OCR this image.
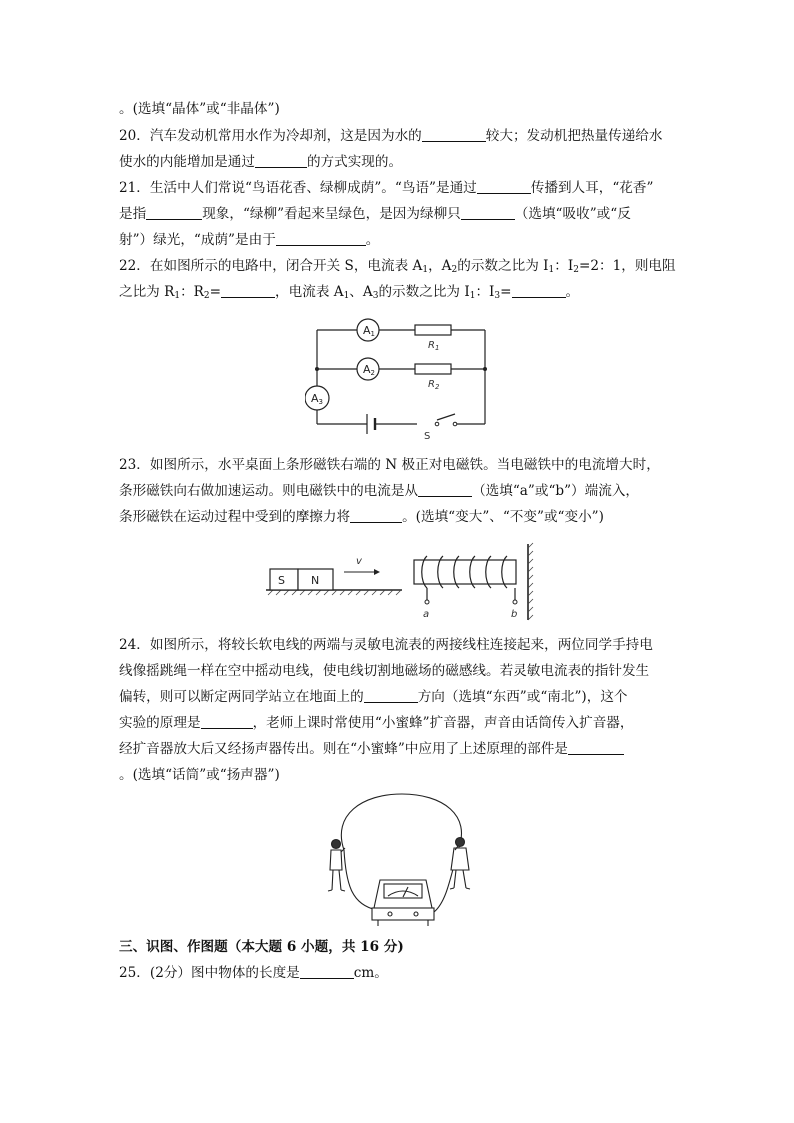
。(选填“晶体”或“非晶体”)
20．汽车发动机常用水作为冷却剂，这是因为水的	较大；发动机把热量传递给水
使水的内能增加是通过	的方式实现的。
21．生活中人们常说“鸟语花香、绿柳成荫”。“鸟语”是通过	传播到人耳，“花香”
是指	现象，“绿柳”看起来呈绿色，是因为绿柳只	（选填“吸收”或“反
射”）绿光，“成荫”是由于	。
22．在如图所示的电路中，闭合开关 S，电流表 $A_1$，$A_2$的示数之比为 $I_1$：$I_2=2$：1，则电阻
之比为 $R_1$：$R_2=$	，电流表 $A_1$、$A_3$的示数之比为 $I_1$：$I_3=$	。
A1
A2
A3
$R_1$
$R_2$
S
23．如图所示，水平桌面上条形磁铁右端的 N 极正对电磁铁。当电磁铁中的电流增大时，
条形磁铁向右做加速运动。则电磁铁中的电流是从	（选填“a”或“b”）端流入，
条形磁铁在运动过程中受到的摩擦力将	。(选填“变大”、“不变”或“变小”)
S N
v
a	b
24．如图所示，将较长软电线的两端与灵敏电流表的两接线柱连接起来，两位同学手持电
线像摇跳绳一样在空中摇动电线，使电线切割地磁场的磁感线。若灵敏电流表的指针发生
偏转，则可以断定两同学站立在地面上的	方向（选填“东西”或“南北”)，这个
实验的原理是	，老师上课时常使用“小蜜蜂”扩音器，声音由话筒传入扩音器，
经扩音器放大后又经扬声器传出。则在“小蜜蜂”中应用了上述原理的部件是
。(选填“话筒”或“扬声器”)
三、识图、作图题（本大题 6 小题，共 16 分)
25．(2分）图中物体的长度是	cm。
